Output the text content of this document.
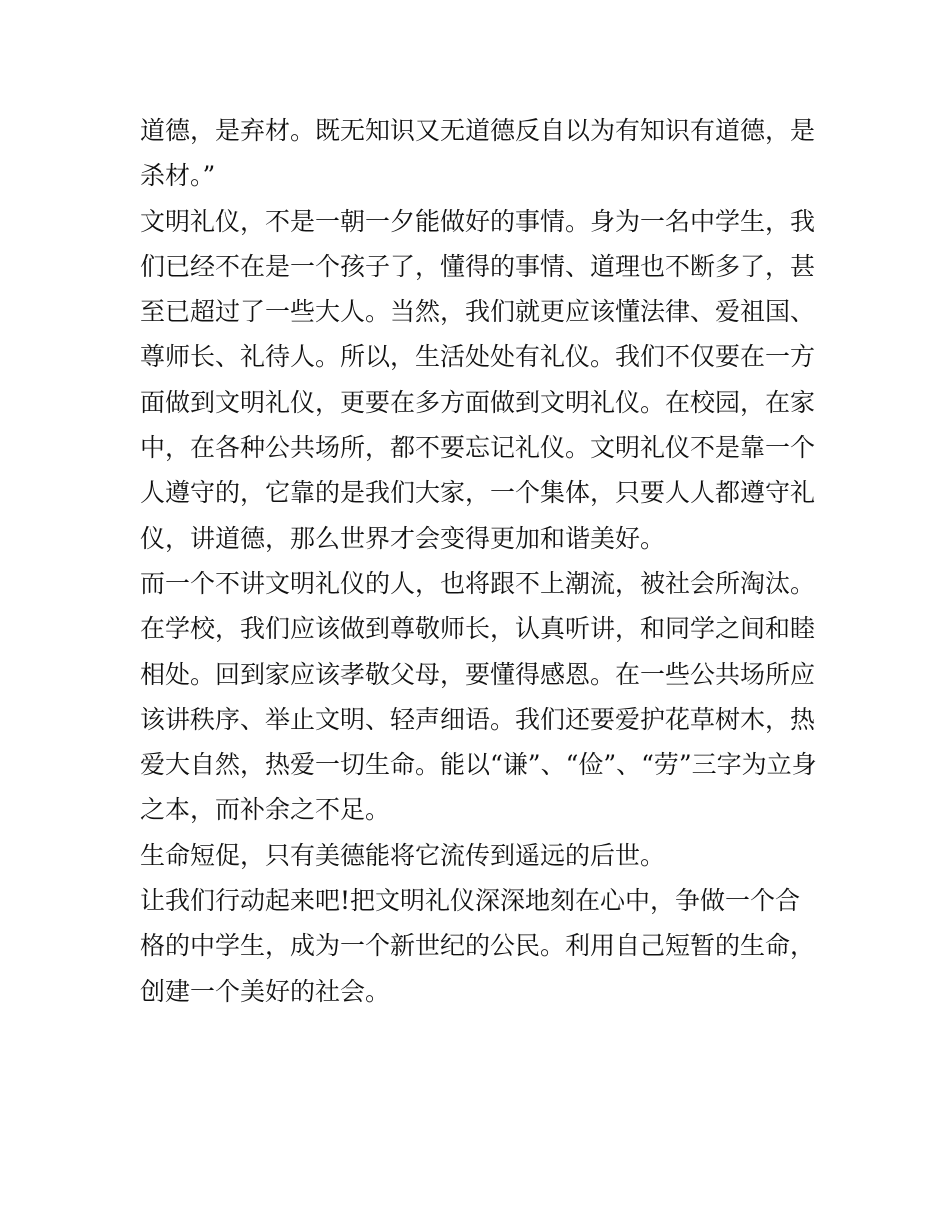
道德，是弃材。既无知识又无道德反自以为有知识有道德，是杀材。”

文明礼仪，不是一朝一夕能做好的事情。身为一名中学生，我们已经不在是一个孩子了，懂得的事情、道理也不断多了，甚至已超过了一些大人。当然，我们就更应该懂法律、爱祖国、尊师长、礼待人。所以，生活处处有礼仪。我们不仅要在一方面做到文明礼仪，更要在多方面做到文明礼仪。在校园，在家中，在各种公共场所，都不要忘记礼仪。文明礼仪不是靠一个人遵守的，它靠的是我们大家，一个集体，只要人人都遵守礼仪，讲道德，那么世界才会变得更加和谐美好。

而一个不讲文明礼仪的人，也将跟不上潮流，被社会所淘汰。在学校，我们应该做到尊敬师长，认真听讲，和同学之间和睦相处。回到家应该孝敬父母，要懂得感恩。在一些公共场所应该讲秩序、举止文明、轻声细语。我们还要爱护花草树木，热爱大自然，热爱一切生命。能以“谦”、“俭”、“劳”三字为立身之本，而补余之不足。

生命短促，只有美德能将它流传到遥远的后世。

让我们行动起来吧!把文明礼仪深深地刻在心中，争做一个合格的中学生，成为一个新世纪的公民。利用自己短暂的生命，创建一个美好的社会。
